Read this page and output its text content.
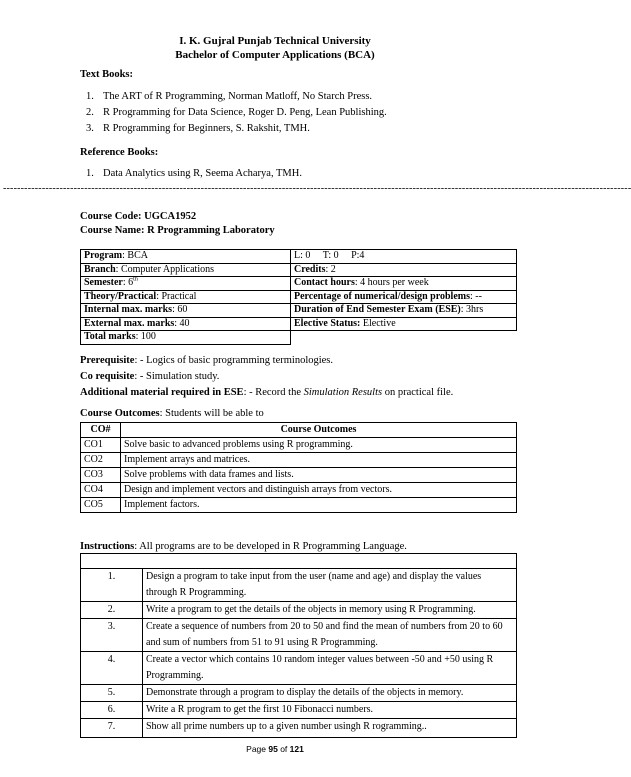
I. K. Gujral Punjab Technical University
Bachelor of Computer Applications (BCA)
Text Books:
1. The ART of R Programming, Norman Matloff, No Starch Press.
2. R Programming for Data Science, Roger D. Peng, Lean Publishing.
3. R Programming for Beginners, S. Rakshit, TMH.
Reference Books:
1. Data Analytics using R, Seema Acharya, TMH.
----------------------------------------------------------------------------------------------------------------------------------------------------------------------------------
Course Code: UGCA1952
Course Name: R Programming Laboratory
Program: BCA	L: 0     T: 0     P:4
Branch: Computer Applications	Credits: 2
Semester: 6th	Contact hours: 4 hours per week
Theory/Practical: Practical	Percentage of numerical/design problems: --
Internal max. marks: 60	Duration of End Semester Exam (ESE): 3hrs
External max. marks: 40	Elective Status: Elective
Total marks: 100	
Prerequisite: - Logics of basic programming terminologies.
Co requisite: - Simulation study.
Additional material required in ESE: - Record the Simulation Results on practical file.
Course Outcomes: Students will be able to
CO#	Course Outcomes
CO1	Solve basic to advanced problems using R programming.
CO2	Implement arrays and matrices.
CO3	Solve problems with data frames and lists.
CO4	Design and implement vectors and distinguish arrays from vectors.
CO5	Implement factors.
Instructions: All programs are to be developed in R Programming Language.

1.	Design a program to take input from the user (name and age) and display the values through R Programming.
2.	Write a program to get the details of the objects in memory using R Programming.
3.	Create a sequence of numbers from 20 to 50 and find the mean of numbers from 20 to 60 and sum of numbers from 51 to 91 using R Programming.
4.	Create a vector which contains 10 random integer values between -50 and +50 using R Programming.
5.	Demonstrate through a program to display the details of the objects in memory.
6.	Write a R program to get the first 10 Fibonacci numbers.
7.	Show all prime numbers up to a given number usingh R rogramming..
Page 95 of 121
